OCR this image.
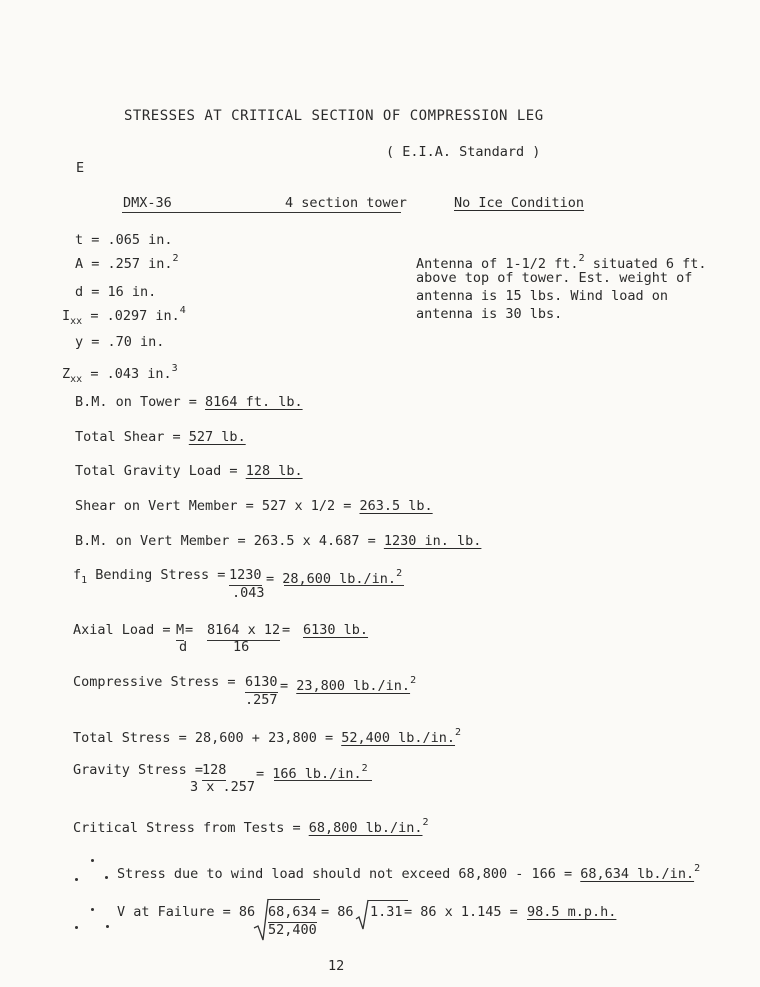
STRESSES AT CRITICAL SECTION OF COMPRESSION LEG
( E.I.A. Standard )
E
DMX-36	4 section tower	No Ice Condition
t = .065 in.
A = .257 in.$^2$
d = 16 in.
$I_{xx} = .0297$ in.$^4$
y = .70 in.
$Z_{xx} = .043$ in.$^3$
Antenna of 1-1/2 ft.$^2$ situated 6 ft.
above top of tower. Est. weight of
antenna is 15 lbs. Wind load on
antenna is 30 lbs.
B.M. on Tower = 8164 ft. lb.
Total Shear = 527 lb.
Total Gravity Load = 128 lb.
Shear on Vert Member = 527 x 1/2 = 263.5 lb.
B.M. on Vert Member = 263.5 x 4.687 = 1230 in. lb.
$f_1$ Bending Stress = 1230
.043
= 28,600 lb./in.$^2$
Axial Load = M
d
= 8164 x 12
16
= 6130 lb.
Compressive Stress = 6130
.257
= 23,800 lb./in.$^2$
Total Stress = 28,600 + 23,800 = 52,400 lb./in.$^2$
Gravity Stress =
128
3 x .257
= 166 lb./in.$^2$
Critical Stress from Tests = 68,800 lb./in.$^2$
Stress due to wind load should not exceed 68,800 - 166 = 68,634 lb./in.$^2$
V at Failure = 86 68,634
52,400
= 86 1.31 = 86 x 1.145 = 98.5 m.p.h.
12
